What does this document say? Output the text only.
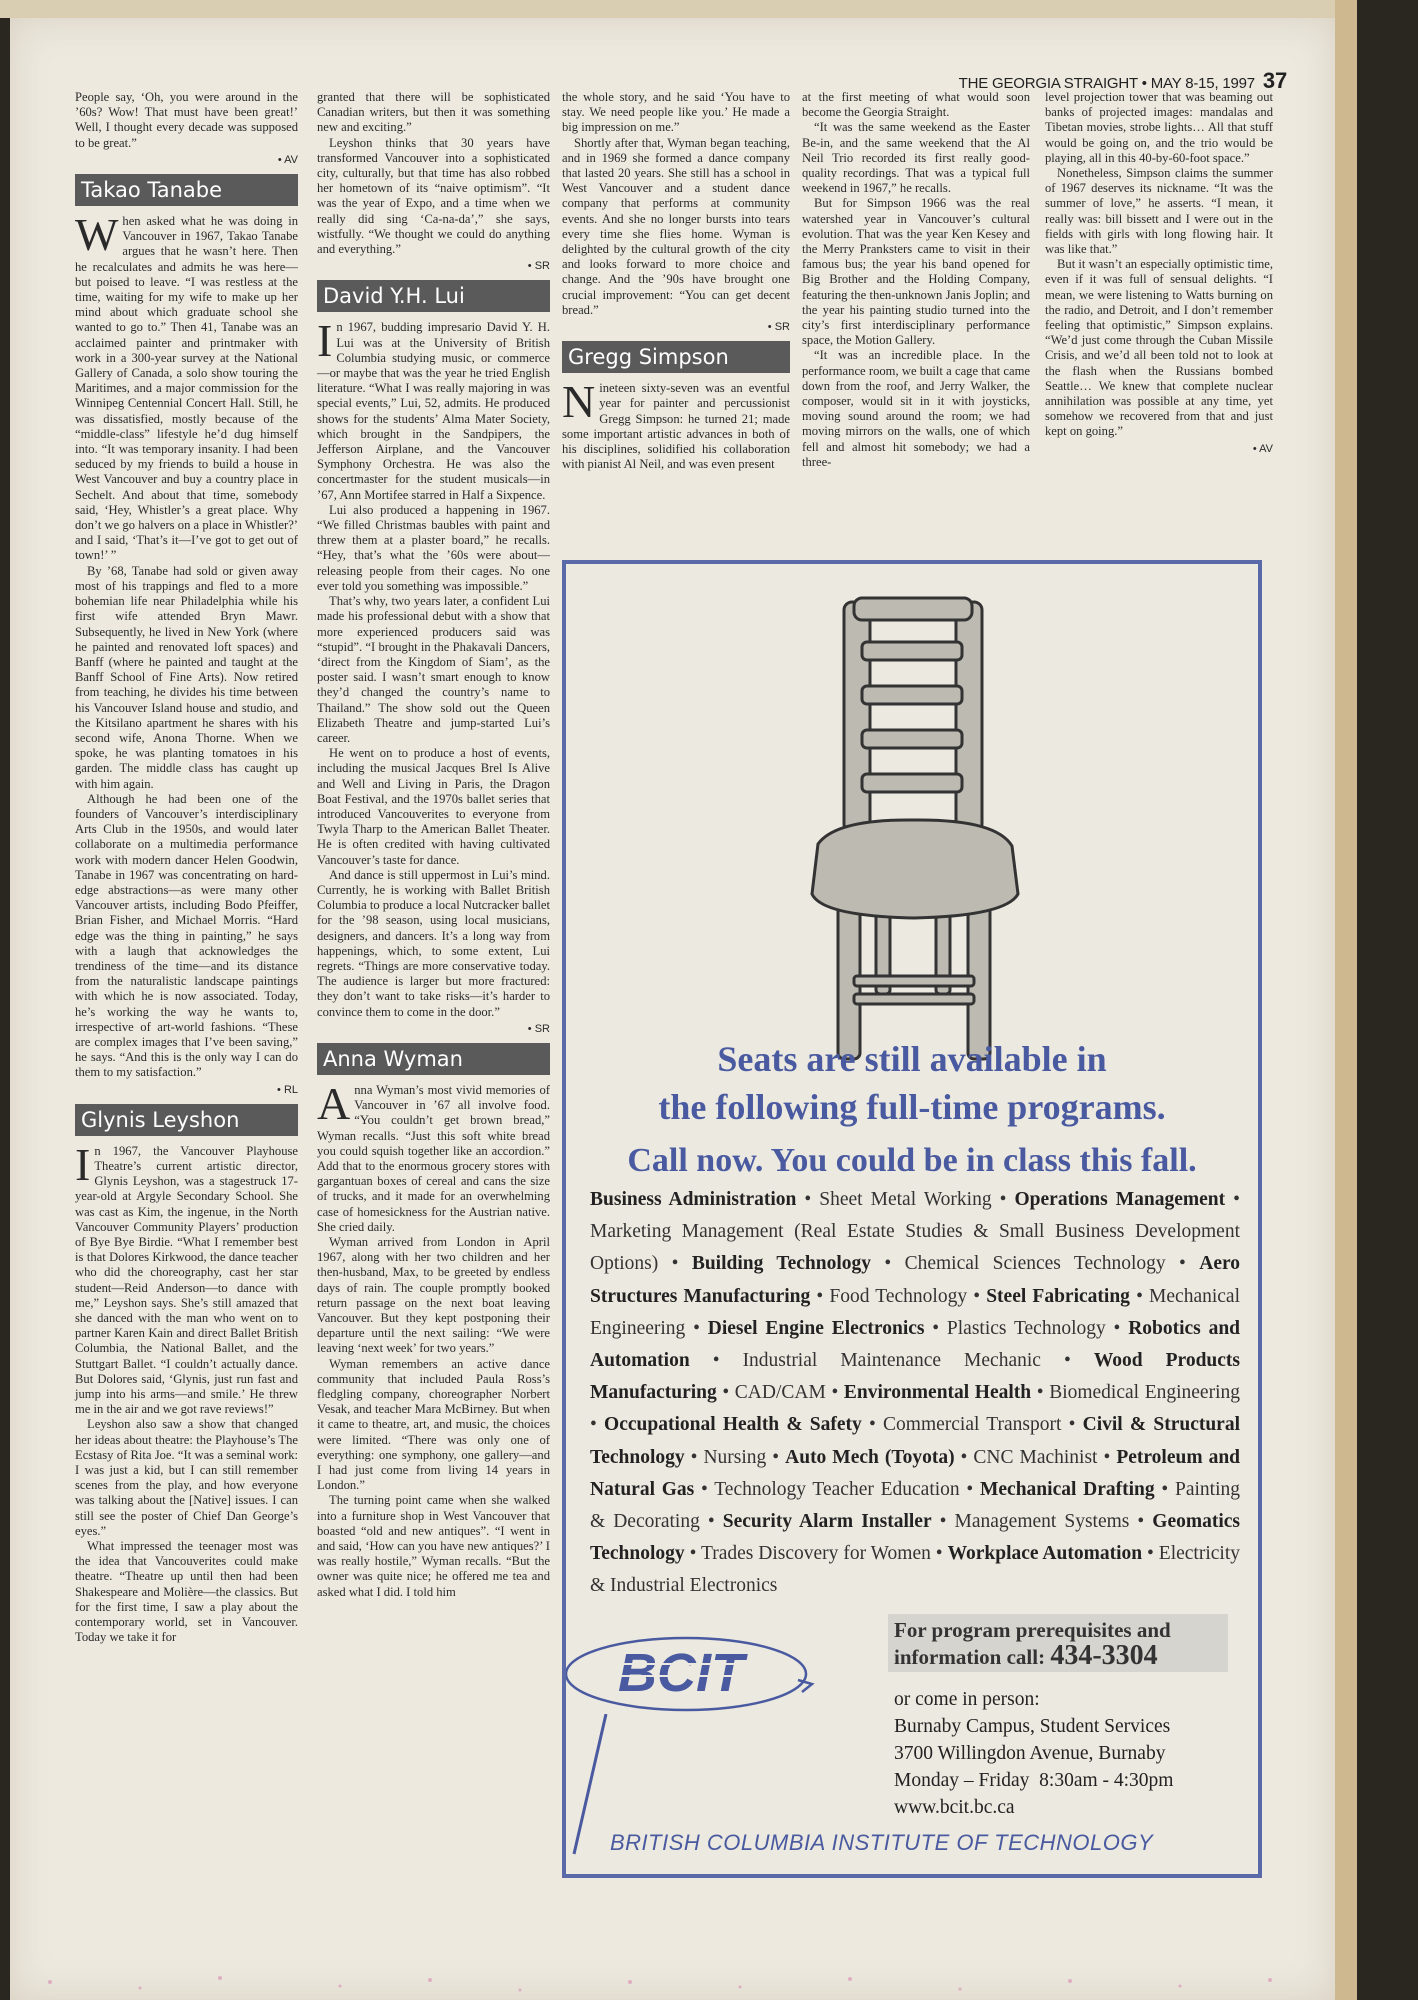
THE GEORGIA STRAIGHT • MAY 8-15, 1997 37

People say, ‘Oh, you were around in the ’60s? Wow! That must have been great!’ Well, I thought every decade was supposed to be great.”

• AV
Takao Tanabe

When asked what he was doing in Vancouver in 1967, Takao Tanabe argues that he wasn’t here. Then he recalculates and admits he was here—but poised to leave. “I was restless at the time, waiting for my wife to make up her mind about which graduate school she wanted to go to.” Then 41, Tanabe was an acclaimed painter and printmaker with work in a 300-year survey at the National Gallery of Canada, a solo show touring the Maritimes, and a major commission for the Winnipeg Centennial Concert Hall. Still, he was dissatisfied, mostly because of the “middle-class” lifestyle he’d dug himself into. “It was temporary insanity. I had been seduced by my friends to build a house in West Vancouver and buy a country place in Sechelt. And about that time, somebody said, ‘Hey, Whistler’s a great place. Why don’t we go halvers on a place in Whistler?’ and I said, ‘That’s it—I’ve got to get out of town!’ ”

By ’68, Tanabe had sold or given away most of his trappings and fled to a more bohemian life near Philadelphia while his first wife attended Bryn Mawr. Subsequently, he lived in New York (where he painted and renovated loft spaces) and Banff (where he painted and taught at the Banff School of Fine Arts). Now retired from teaching, he divides his time between his Vancouver Island house and studio, and the Kitsilano apartment he shares with his second wife, Anona Thorne. When we spoke, he was planting tomatoes in his garden. The middle class has caught up with him again.

Although he had been one of the founders of Vancouver’s interdisciplinary Arts Club in the 1950s, and would later collaborate on a multimedia performance work with modern dancer Helen Goodwin, Tanabe in 1967 was concentrating on hard-edge abstractions—as were many other Vancouver artists, including Bodo Pfeiffer, Brian Fisher, and Michael Morris. “Hard edge was the thing in painting,” he says with a laugh that acknowledges the trendiness of the time—and its distance from the naturalistic landscape paintings with which he is now associated. Today, he’s working the way he wants to, irrespective of art-world fashions. “These are complex images that I’ve been saving,” he says. “And this is the only way I can do them to my satisfaction.”

• RL
Glynis Leyshon

In 1967, the Vancouver Playhouse Theatre’s current artistic director, Glynis Leyshon, was a stagestruck 17-year-old at Argyle Secondary School. She was cast as Kim, the ingenue, in the North Vancouver Community Players’ production of Bye Bye Birdie. “What I remember best is that Dolores Kirkwood, the dance teacher who did the choreography, cast her star student—Reid Anderson—to dance with me,” Leyshon says. She’s still amazed that she danced with the man who went on to partner Karen Kain and direct Ballet British Columbia, the National Ballet, and the Stuttgart Ballet. “I couldn’t actually dance. But Dolores said, ‘Glynis, just run fast and jump into his arms—and smile.’ He threw me in the air and we got rave reviews!”

Leyshon also saw a show that changed her ideas about theatre: the Playhouse’s The Ecstasy of Rita Joe. “It was a seminal work: I was just a kid, but I can still remember scenes from the play, and how everyone was talking about the [Native] issues. I can still see the poster of Chief Dan George’s eyes.”

What impressed the teenager most was the idea that Vancouverites could make theatre. “Theatre up until then had been Shakespeare and Molière—the classics. But for the first time, I saw a play about the contemporary world, set in Vancouver. Today we take it for

granted that there will be sophisticated Canadian writers, but then it was something new and exciting.”

Leyshon thinks that 30 years have transformed Vancouver into a sophisticated city, culturally, but that time has also robbed her hometown of its “naive optimism”. “It was the year of Expo, and a time when we really did sing ‘Ca-na-da’,” she says, wistfully. “We thought we could do anything and everything.”

• SR
David Y.H. Lui

In 1967, budding impresario David Y. H. Lui was at the University of British Columbia studying music, or commerce—or maybe that was the year he tried English literature. “What I was really majoring in was special events,” Lui, 52, admits. He produced shows for the students’ Alma Mater Society, which brought in the Sandpipers, the Jefferson Airplane, and the Vancouver Symphony Orchestra. He was also the concertmaster for the student musicals—in ’67, Ann Mortifee starred in Half a Sixpence.

Lui also produced a happening in 1967. “We filled Christmas baubles with paint and threw them at a plaster board,” he recalls. “Hey, that’s what the ’60s were about—releasing people from their cages. No one ever told you something was impossible.”

That’s why, two years later, a confident Lui made his professional debut with a show that more experienced producers said was “stupid”. “I brought in the Phakavali Dancers, ‘direct from the Kingdom of Siam’, as the poster said. I wasn’t smart enough to know they’d changed the country’s name to Thailand.” The show sold out the Queen Elizabeth Theatre and jump-started Lui’s career.

He went on to produce a host of events, including the musical Jacques Brel Is Alive and Well and Living in Paris, the Dragon Boat Festival, and the 1970s ballet series that introduced Vancouverites to everyone from Twyla Tharp to the American Ballet Theater. He is often credited with having cultivated Vancouver’s taste for dance.

And dance is still uppermost in Lui’s mind. Currently, he is working with Ballet British Columbia to produce a local Nutcracker ballet for the ’98 season, using local musicians, designers, and dancers. It’s a long way from happenings, which, to some extent, Lui regrets. “Things are more conservative today. The audience is larger but more fractured: they don’t want to take risks—it’s harder to convince them to come in the door.”

• SR
Anna Wyman

Anna Wyman’s most vivid memories of Vancouver in ’67 all involve food. “You couldn’t get brown bread,” Wyman recalls. “Just this soft white bread you could squish together like an accordion.” Add that to the enormous grocery stores with gargantuan boxes of cereal and cans the size of trucks, and it made for an overwhelming case of homesickness for the Austrian native. She cried daily.

Wyman arrived from London in April 1967, along with her two children and her then-husband, Max, to be greeted by endless days of rain. The couple promptly booked return passage on the next boat leaving Vancouver. But they kept postponing their departure until the next sailing: “We were leaving ‘next week’ for two years.”

Wyman remembers an active dance community that included Paula Ross’s fledgling company, choreographer Norbert Vesak, and teacher Mara McBirney. But when it came to theatre, art, and music, the choices were limited. “There was only one of everything: one symphony, one gallery—and I had just come from living 14 years in London.”

The turning point came when she walked into a furniture shop in West Vancouver that boasted “old and new antiques”. “I went in and said, ‘How can you have new antiques?’ I was really hostile,” Wyman recalls. “But the owner was quite nice; he offered me tea and asked what I did. I told him

the whole story, and he said ‘You have to stay. We need people like you.’ He made a big impression on me.”

Shortly after that, Wyman began teaching, and in 1969 she formed a dance company that lasted 20 years. She still has a school in West Vancouver and a student dance company that performs at community events. And she no longer bursts into tears every time she flies home. Wyman is delighted by the cultural growth of the city and looks forward to more choice and change. And the ’90s have brought one crucial improvement: “You can get decent bread.”

• SR
Gregg Simpson

Nineteen sixty-seven was an eventful year for painter and percussionist Gregg Simpson: he turned 21; made some important artistic advances in both of his disciplines, solidified his collaboration with pianist Al Neil, and was even present

at the first meeting of what would soon become the Georgia Straight.

“It was the same weekend as the Easter Be-in, and the same weekend that the Al Neil Trio recorded its first really good-quality recordings. That was a typical full weekend in 1967,” he recalls.

But for Simpson 1966 was the real watershed year in Vancouver’s cultural evolution. That was the year Ken Kesey and the Merry Pranksters came to visit in their famous bus; the year his band opened for Big Brother and the Holding Company, featuring the then-unknown Janis Joplin; and the year his painting studio turned into the city’s first interdisciplinary performance space, the Motion Gallery.

“It was an incredible place. In the performance room, we built a cage that came down from the roof, and Jerry Walker, the composer, would sit in it with joysticks, moving sound around the room; we had moving mirrors on the walls, one of which fell and almost hit somebody; we had a three-

level projection tower that was beaming out banks of projected images: mandalas and Tibetan movies, strobe lights… All that stuff would be going on, and the trio would be playing, all in this 40-by-60-foot space.”

Nonetheless, Simpson claims the summer of 1967 deserves its nickname. “It was the summer of love,” he asserts. “I mean, it really was: bill bissett and I were out in the fields with girls with long flowing hair. It was like that.”

But it wasn’t an especially optimistic time, even if it was full of sensual delights. “I mean, we were listening to Watts burning on the radio, and Detroit, and I don’t remember feeling that optimistic,” Simpson explains. “We’d just come through the Cuban Missile Crisis, and we’d all been told not to look at the flash when the Russians bombed Seattle… We knew that complete nuclear annihilation was possible at any time, yet somehow we recovered from that and just kept on going.”

• AV
Seats are still available in
the following full-time programs.
Call now. You could be in class this fall.
Business Administration • Sheet Metal Working • Operations Management • Marketing Management (Real Estate Studies & Small Business Development Options) • Building Technology • Chemical Sciences Technology • Aero Structures Manufacturing • Food Technology • Steel Fabricating • Mechanical Engineering • Diesel Engine Electronics • Plastics Technology • Robotics and Automation • Industrial Maintenance Mechanic • Wood Products Manufacturing • CAD/CAM • Environmental Health • Biomedical Engineering • Occupational Health & Safety • Commercial Transport • Civil & Structural Technology • Nursing • Auto Mech (Toyota) • CNC Machinist • Petroleum and Natural Gas • Technology Teacher Education • Mechanical Drafting • Painting & Decorating • Security Alarm Installer • Management Systems • Geomatics Technology • Trades Discovery for Women • Workplace Automation • Electricity & Industrial Electronics
BCIT
For program prerequisites and
information call: 434-3304
or come in person:
Burnaby Campus, Student Services
3700 Willingdon Avenue, Burnaby
Monday – Friday  8:30am - 4:30pm
www.bcit.bc.ca
BRITISH COLUMBIA INSTITUTE OF TECHNOLOGY
